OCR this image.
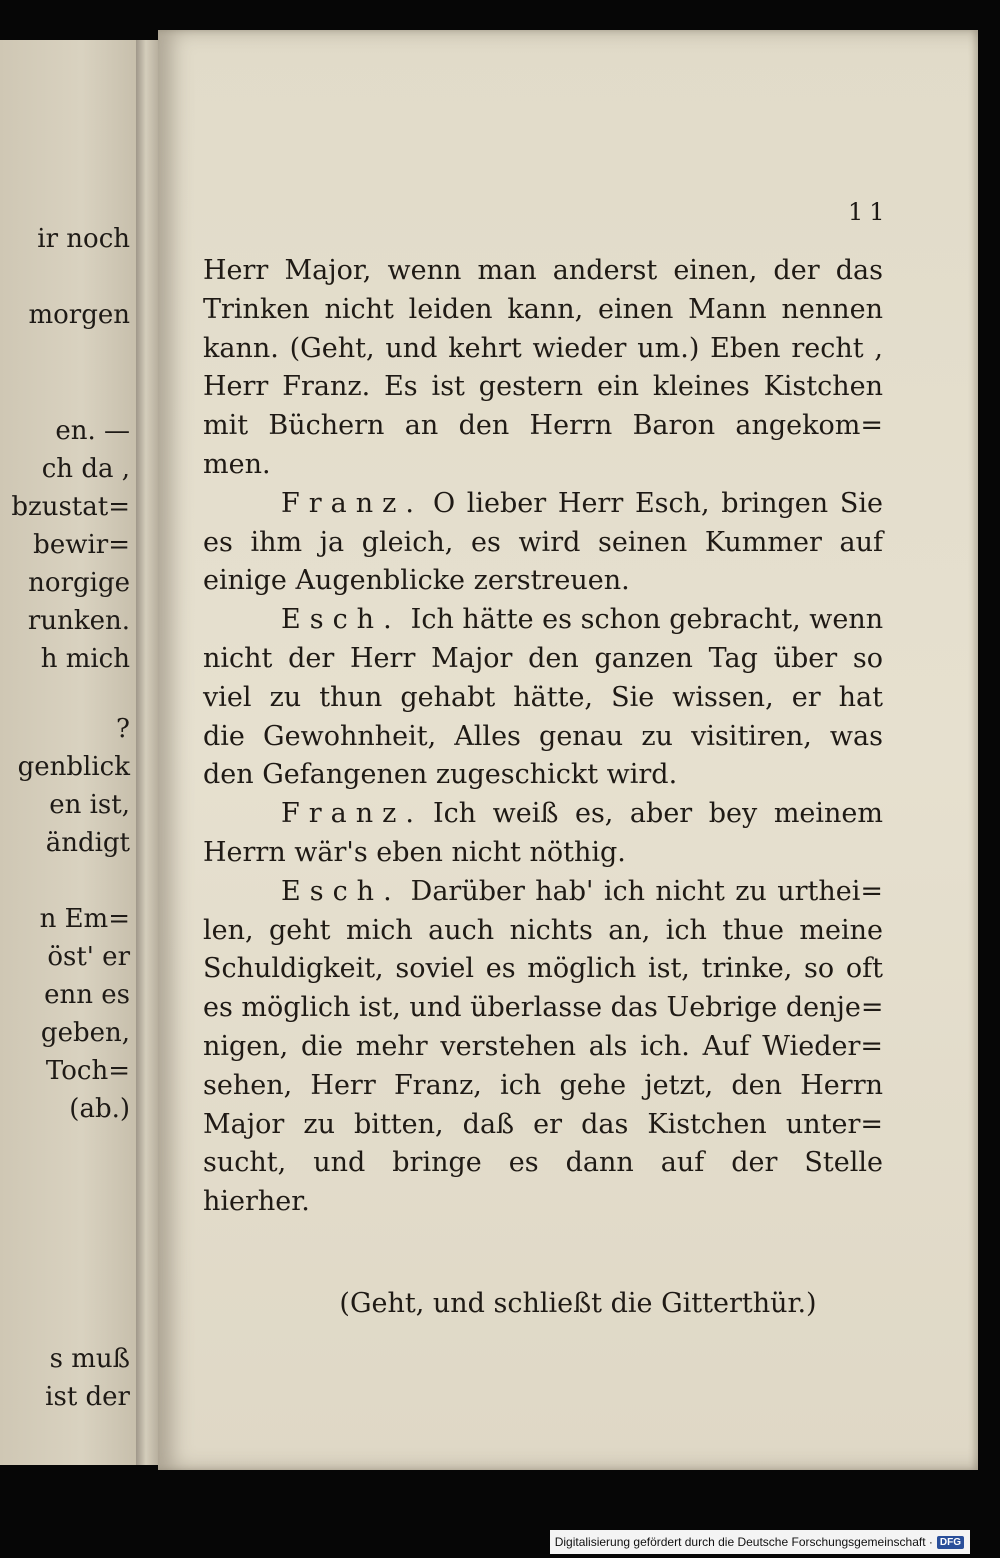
ir noch
morgen
en. —
ch da ,
bzustat=
bewir=
norgige
runken.
h mich
?
genblick
en ist,
ändigt
n Em=
öst' er
enn es
geben,
Toch=
(ab.)
s muß
ist der
11
Herr Major, wenn man anderst einen, der das
Trinken nicht leiden kann, einen Mann nennen
kann. (Geht, und kehrt wieder um.) Eben recht ,
Herr Franz. Es ist gestern ein kleines Kistchen
mit Büchern an den Herrn Baron angekom=
men.
Franz. O lieber Herr Esch, bringen Sie
es ihm ja gleich, es wird seinen Kummer auf
einige Augenblicke zerstreuen.
Esch. Ich hätte es schon gebracht, wenn
nicht der Herr Major den ganzen Tag über so
viel zu thun gehabt hätte, Sie wissen, er hat
die Gewohnheit, Alles genau zu visitiren, was
den Gefangenen zugeschickt wird.
Franz. Ich weiß es, aber bey meinem
Herrn wär's eben nicht nöthig.
Esch. Darüber hab' ich nicht zu urthei=
len, geht mich auch nichts an, ich thue meine
Schuldigkeit, soviel es möglich ist, trinke, so oft
es möglich ist, und überlasse das Uebrige denje=
nigen, die mehr verstehen als ich. Auf Wieder=
sehen, Herr Franz, ich gehe jetzt, den Herrn
Major zu bitten, daß er das Kistchen unter=
sucht, und bringe es dann auf der Stelle
hierher.
(Geht, und schließt die Gitterthür.)
Digitalisierung gefördert durch die Deutsche Forschungsgemeinschaft · DFG
